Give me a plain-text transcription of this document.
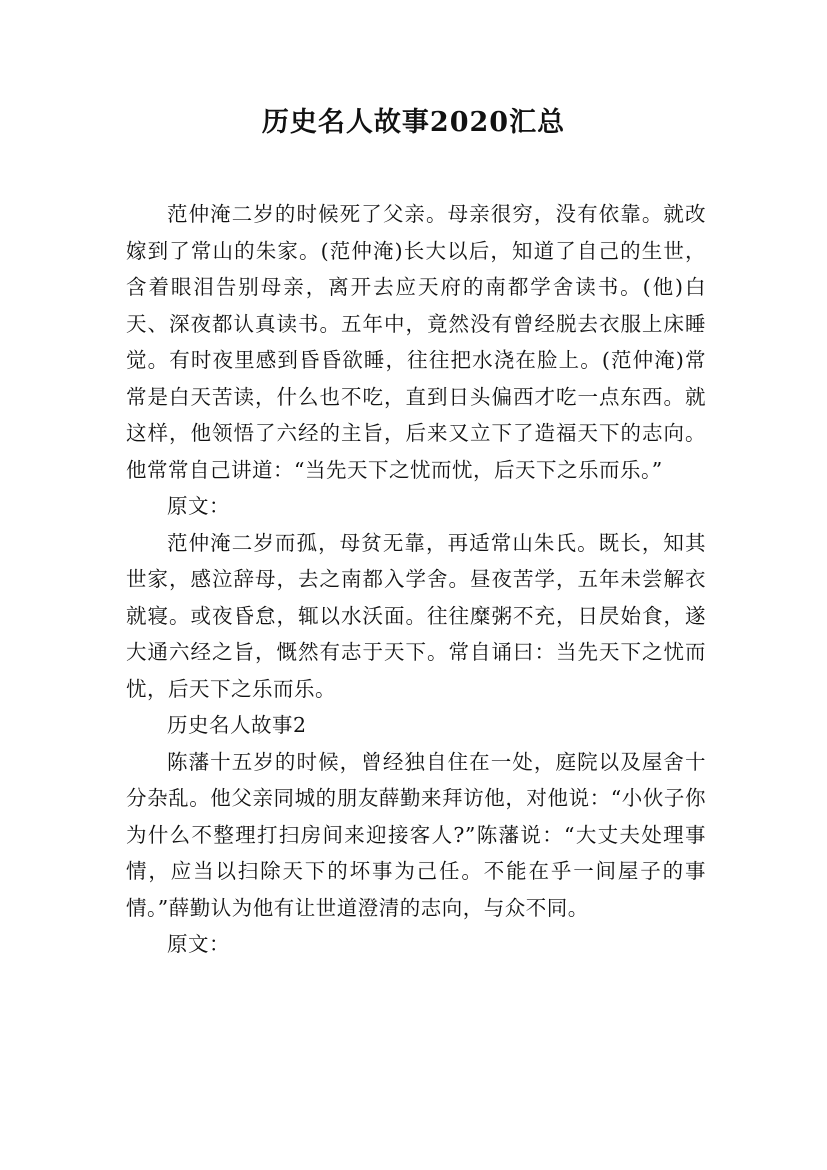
历史名人故事2020汇总

范仲淹二岁的时候死了父亲。母亲很穷，没有依靠。就改嫁到了常山的朱家。(范仲淹)长大以后，知道了自己的生世，含着眼泪告别母亲，离开去应天府的南都学舍读书。(他)白天、深夜都认真读书。五年中，竟然没有曾经脱去衣服上床睡觉。有时夜里感到昏昏欲睡，往往把水浇在脸上。(范仲淹)常常是白天苦读，什么也不吃，直到日头偏西才吃一点东西。就这样，他领悟了六经的主旨，后来又立下了造福天下的志向。他常常自己讲道：“当先天下之忧而忧，后天下之乐而乐。”

原文：

范仲淹二岁而孤，母贫无靠，再适常山朱氏。既长，知其世家，感泣辞母，去之南都入学舍。昼夜苦学，五年未尝解衣就寝。或夜昏怠，辄以水沃面。往往糜粥不充，日昃始食，遂大通六经之旨，慨然有志于天下。常自诵曰：当先天下之忧而忧，后天下之乐而乐。

历史名人故事2

陈藩十五岁的时候，曾经独自住在一处，庭院以及屋舍十分杂乱。他父亲同城的朋友薛勤来拜访他，对他说：“小伙子你为什么不整理打扫房间来迎接客人?”陈藩说：“大丈夫处理事情，应当以扫除天下的坏事为己任。不能在乎一间屋子的事情。”薛勤认为他有让世道澄清的志向，与众不同。

原文：
